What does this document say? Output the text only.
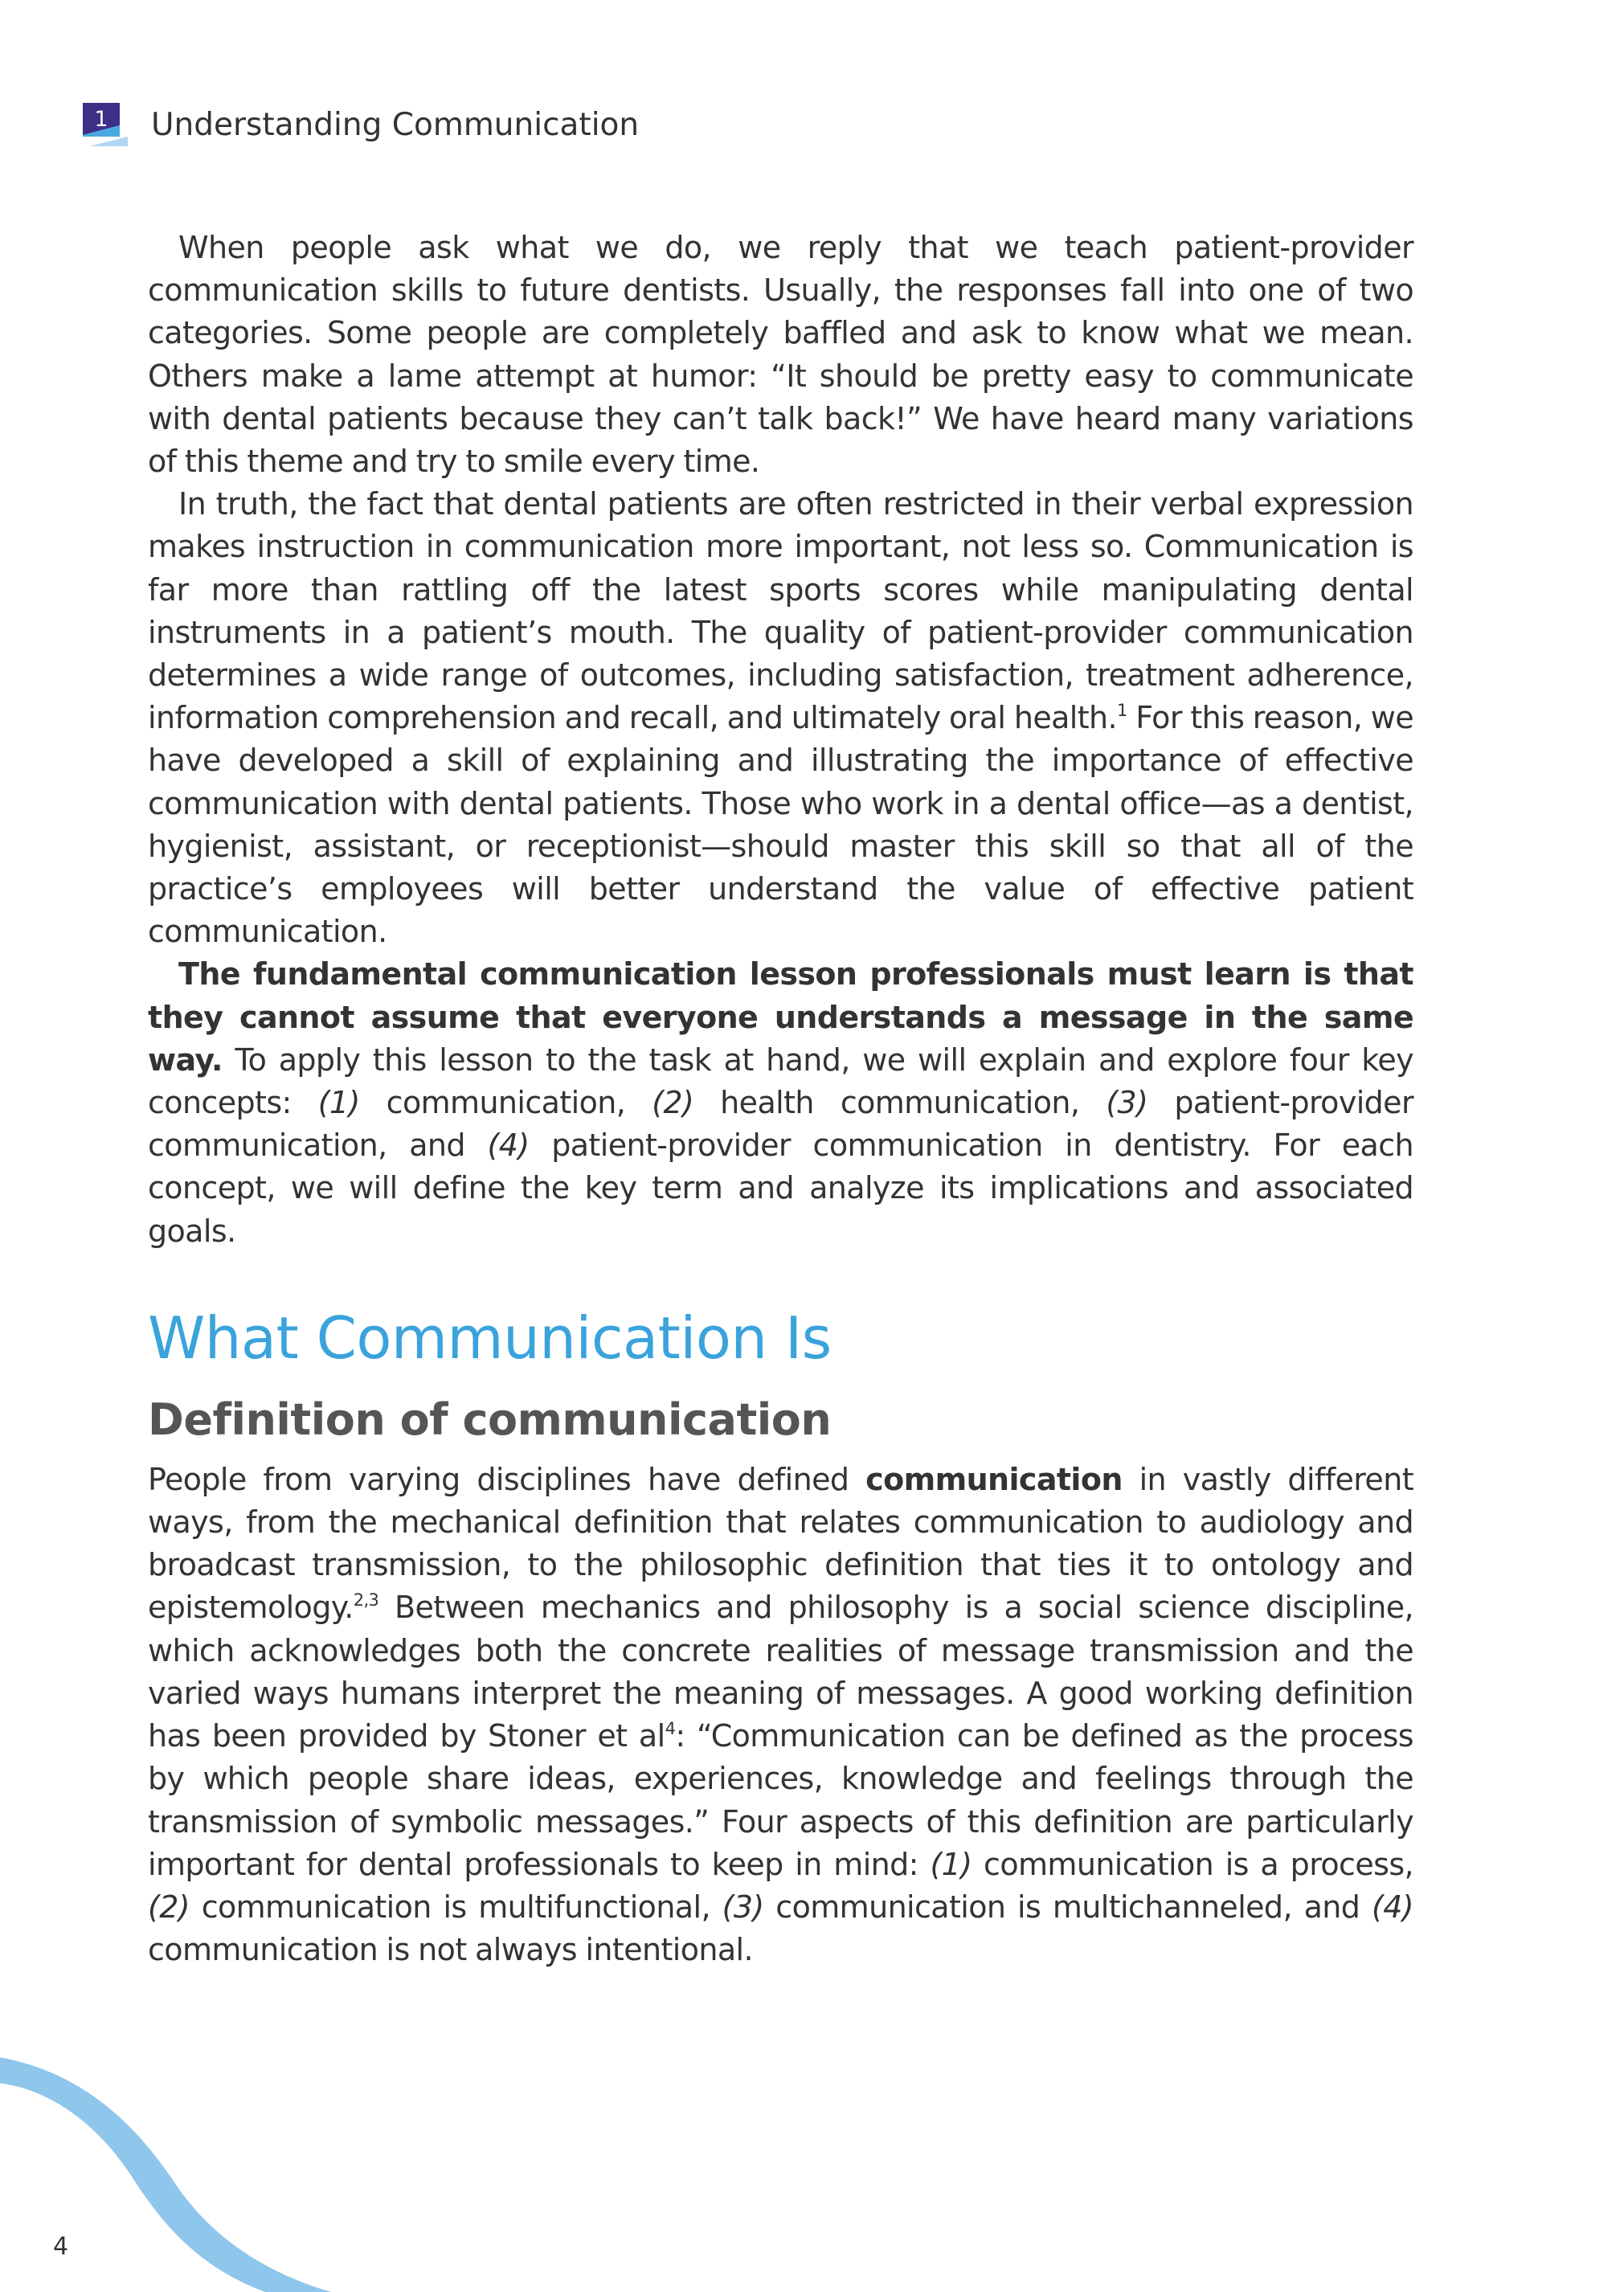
1	Understanding Communication

When people ask what we do, we reply that we teach patient-provider communication skills to future dentists. Usually, the responses fall into one of two categories. Some people are completely baffled and ask to know what we mean. Others make a lame attempt at humor: “It should be pretty easy to communicate with dental patients because they can’t talk back!” We have heard many variations of this theme and try to smile every time.

In truth, the fact that dental patients are often restricted in their verbal expression makes instruction in communication more important, not less so. Communication is far more than rattling off the latest sports scores while manipulating dental instruments in a patient’s mouth. The quality of patient-provider communication determines a wide range of outcomes, including satisfaction, treatment adherence, information comprehension and recall, and ultimately oral health.$^1$ For this reason, we have developed a skill of explaining and illustrating the importance of effective communication with dental patients. Those who work in a dental office—as a dentist, hygienist, assistant, or receptionist—should master this skill so that all of the practice’s employees will better understand the value of effective patient communication.

The fundamental communication lesson professionals must learn is that they cannot assume that everyone understands a message in the same way. To apply this lesson to the task at hand, we will explain and explore four key concepts: (1) communication, (2) health communication, (3) patient-provider communication, and (4) patient-provider communication in dentistry. For each concept, we will define the key term and analyze its implications and associated goals.

What Communication Is
Definition of communication

People from varying disciplines have defined communication in vastly different ways, from the mechanical definition that relates communication to audiology and broadcast transmission, to the philosophic definition that ties it to ontology and epistemology.$^{2,3}$ Between mechanics and philosophy is a social science discipline, which acknowledges both the concrete realities of message transmission and the varied ways humans interpret the meaning of messages. A good working definition has been provided by Stoner et $al^4$: “Communication can be defined as the process by which people share ideas, experiences, knowledge and feelings through the transmission of symbolic messages.” Four aspects of this definition are particularly important for dental professionals to keep in mind: (1) communication is a process, (2) communication is multifunctional, (3) communication is multichanneled, and (4) communication is not always intentional.

4
